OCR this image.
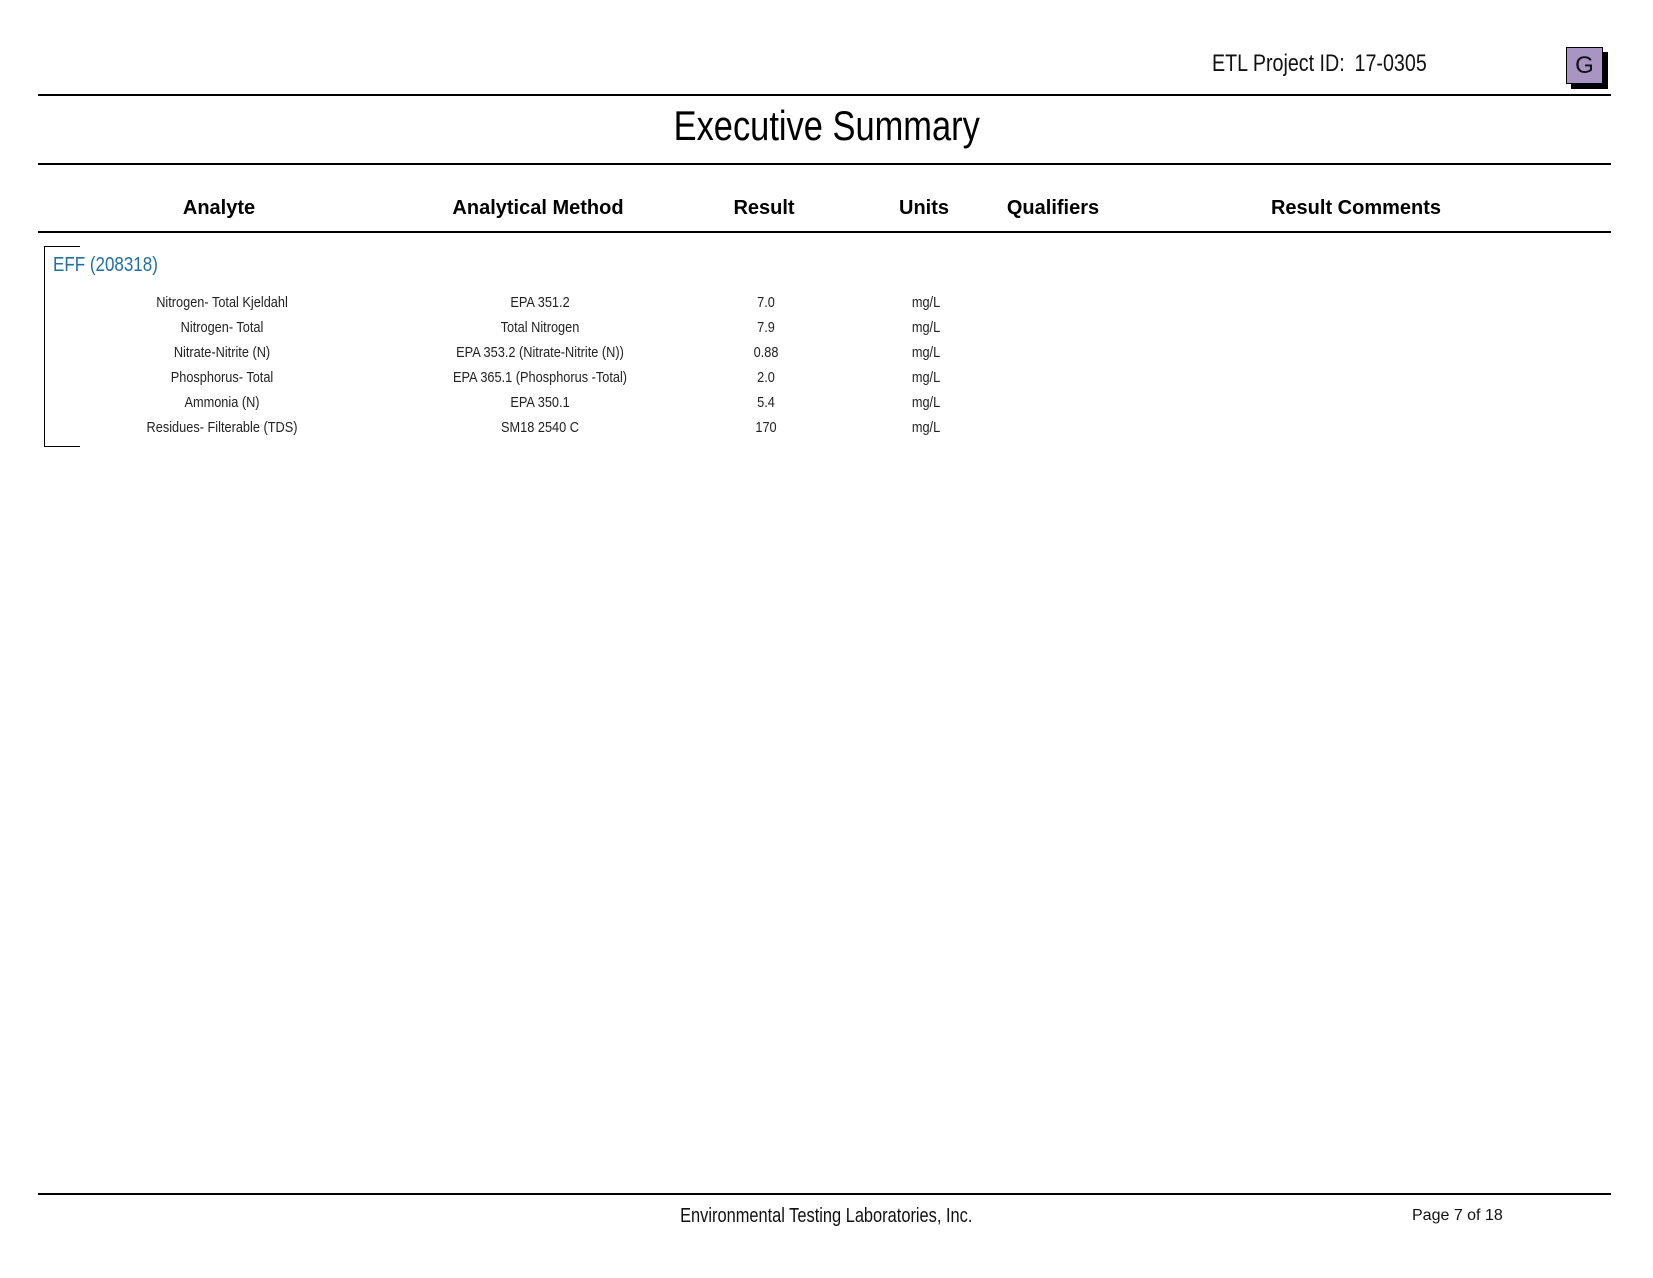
ETL Project ID: 17-0305	G
Executive Summary
Analyte	Analytical Method	Result	Units	Qualifiers	Result Comments
EFF (208318)
Nitrogen- Total Kjeldahl	EPA 351.2	7.0	mg/L
Nitrogen- Total	Total Nitrogen	7.9	mg/L
Nitrate-Nitrite (N)	EPA 353.2 (Nitrate-Nitrite (N))	0.88	mg/L
Phosphorus- Total	EPA 365.1 (Phosphorus -Total)	2.0	mg/L
Ammonia (N)	EPA 350.1	5.4	mg/L
Residues- Filterable (TDS)	SM18 2540 C	170	mg/L
Environmental Testing Laboratories, Inc.	Page 7 of 18
